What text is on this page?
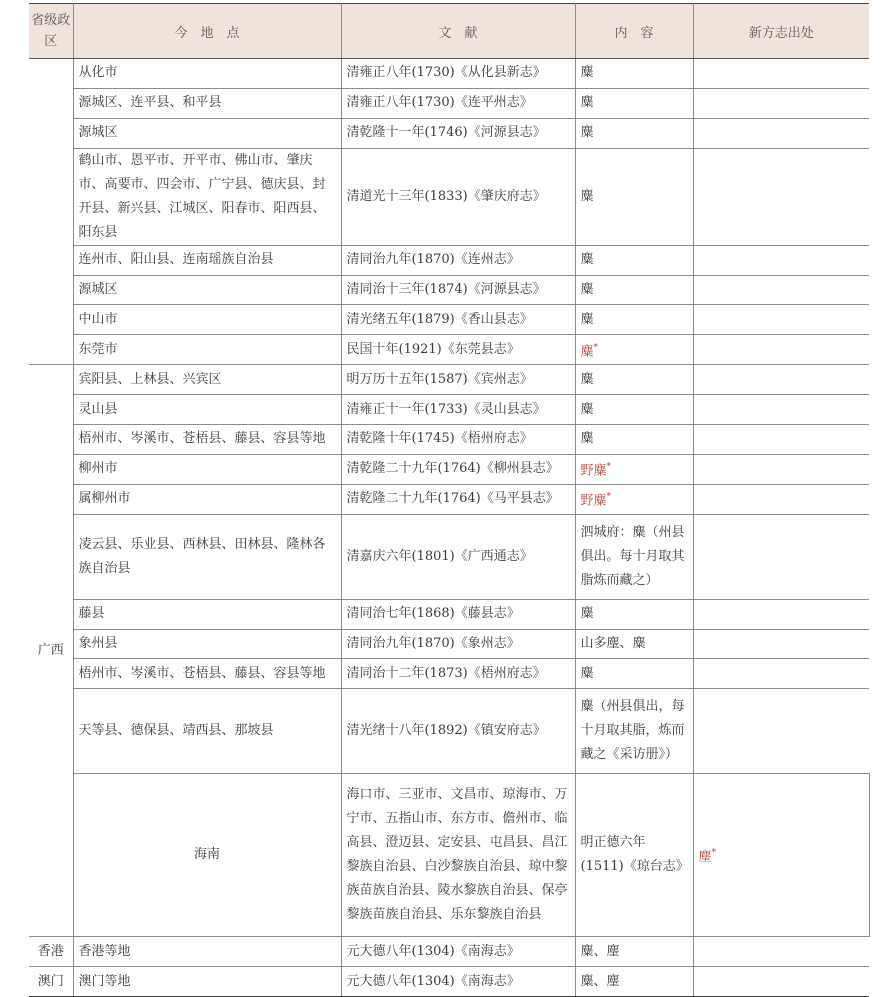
省级政区	今地点	文献	内容	新方志出处	
	从化市	清雍正八年(1730)《从化县新志》	麋		
	源城区、连平县、和平县	清雍正八年(1730)《连平州志》	麋		
	源城区	清乾隆十一年(1746)《河源县志》	麋		
	鹤山市、恩平市、开平市、佛山市、肇庆市、高要市、四会市、广宁县、德庆县、封开县、新兴县、江城区、阳春市、阳西县、阳东县	清道光十三年(1833)《肇庆府志》	麋		
	连州市、阳山县、连南瑶族自治县	清同治九年(1870)《连州志》	麋		
	源城区	清同治十三年(1874)《河源县志》	麋		
	中山市	清光绪五年(1879)《香山县志》	麋		
	东莞市	民国十年(1921)《东莞县志》	麋*	
广西	宾阳县、上林县、兴宾区	明万历十五年(1587)《宾州志》	麋		
	灵山县	清雍正十一年(1733)《灵山县志》	麋		
	梧州市、岑溪市、苍梧县、藤县、容县等地	清乾隆十年(1745)《梧州府志》	麋		
	柳州市	清乾隆二十九年(1764)《柳州县志》	野麋*	
	属柳州市	清乾隆二十九年(1764)《马平县志》	野麋*	
	凌云县、乐业县、西林县、田林县、隆林各族自治县	清嘉庆六年(1801)《广西通志》	泗城府：麋（州县俱出。每十月取其脂炼而藏之）		
	藤县	清同治七年(1868)《藤县志》	麋		
	象州县	清同治九年(1870)《象州志》	山多麈、麋		
	梧州市、岑溪市、苍梧县、藤县、容县等地	清同治十二年(1873)《梧州府志》	麋		
	天等县、德保县、靖西县、那坡县	清光绪十八年(1892)《镇安府志》	麋（州县俱出，每十月取其脂，炼而藏之《采访册》）		
	海南	海口市、三亚市、文昌市、琼海市、万宁市、五指山市、东方市、儋州市、临高县、澄迈县、定安县、屯昌县、昌江黎族自治县、白沙黎族自治县、琼中黎族苗族自治县、陵水黎族自治县、保亭黎族苗族自治县、乐东黎族自治县	明正德六年(1511)《琼台志》	麈*	
香港	香港等地	元大德八年(1304)《南海志》	麋、麈		
澳门	澳门等地	元大德八年(1304)《南海志》	麋、麈		
